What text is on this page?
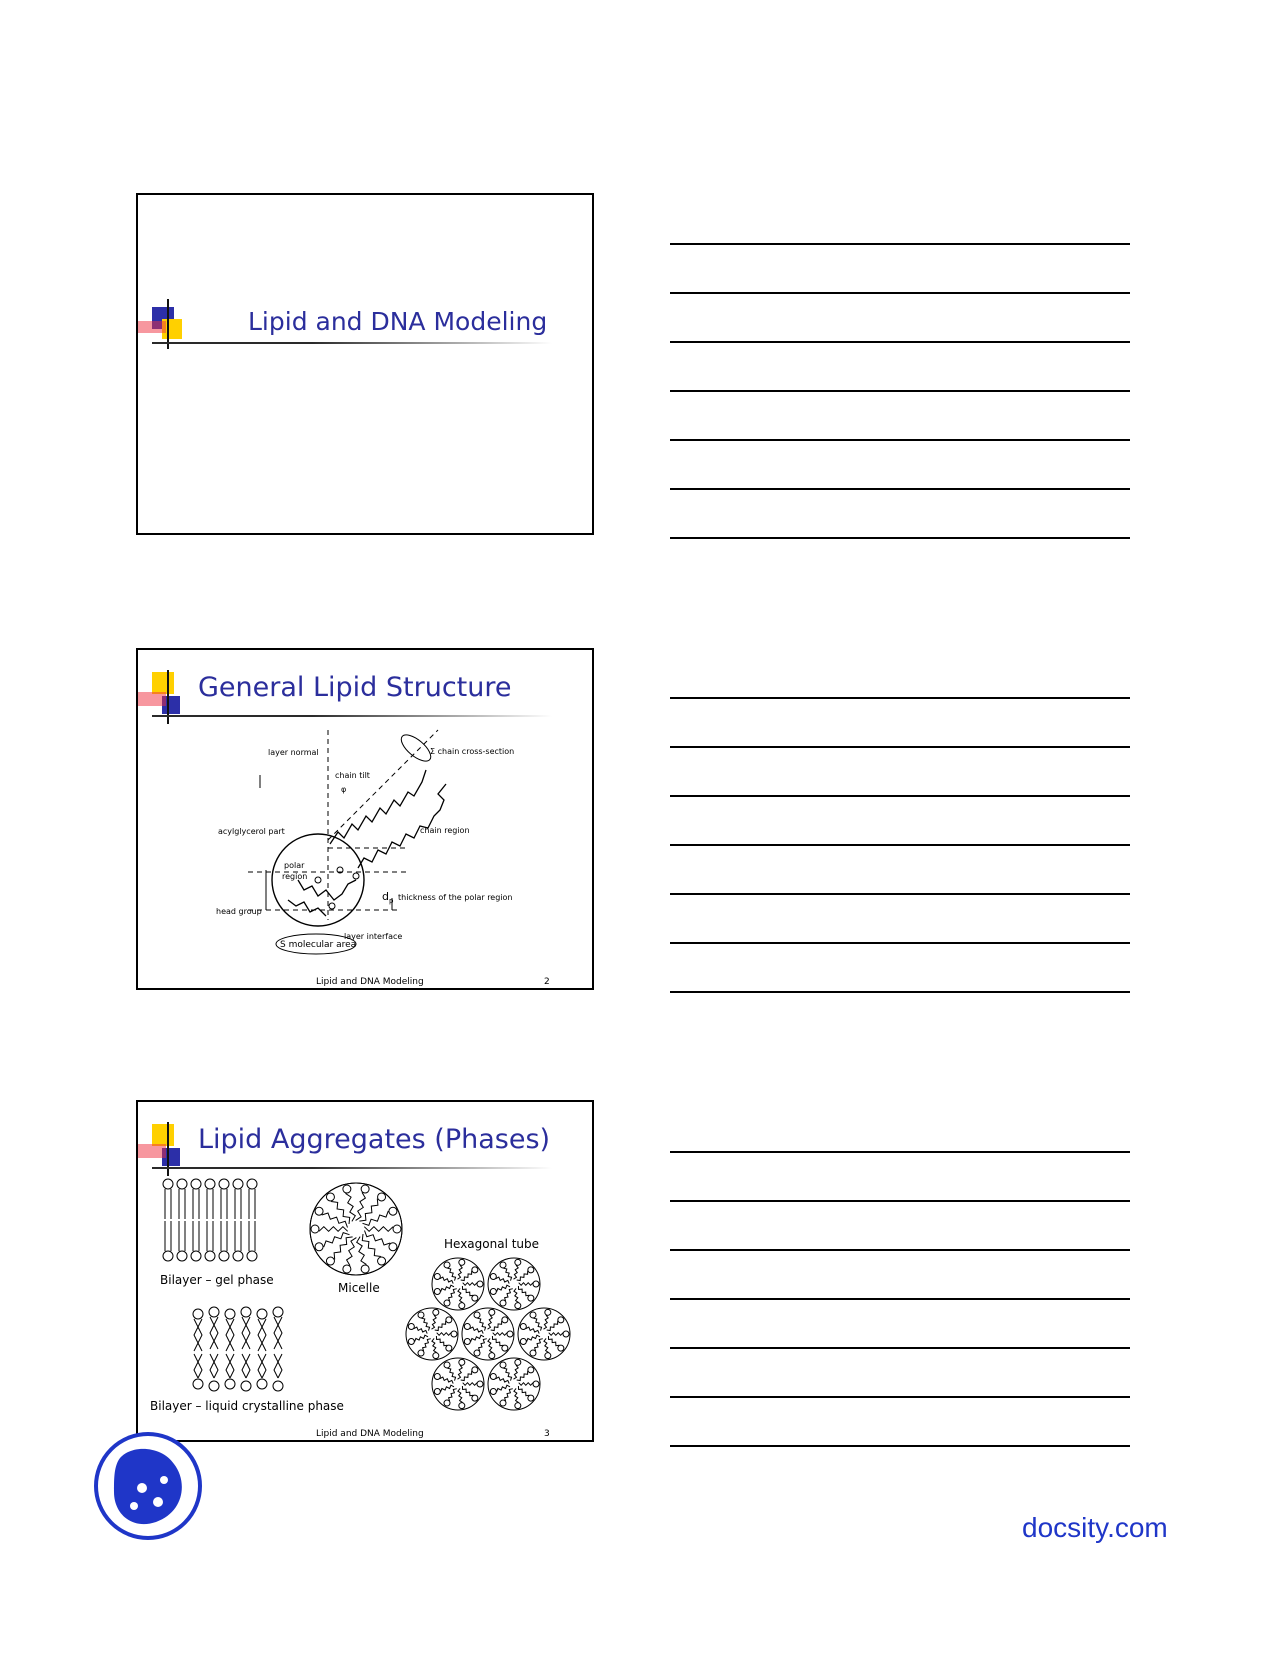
Lipid and DNA Modeling
General Lipid Structure
layer normal
chain tilt
φ
Σ chain cross-section
acylglycerol part	chain region
polar
region
$d_p$ thickness of the polar region
head group
layer interface
S molecular area
Lipid and DNA Modeling	2
Lipid Aggregates (Phases)
Bilayer – gel phase
Micelle
Hexagonal tube
Bilayer – liquid crystalline phase
Lipid and DNA Modeling	3
docsity.com
